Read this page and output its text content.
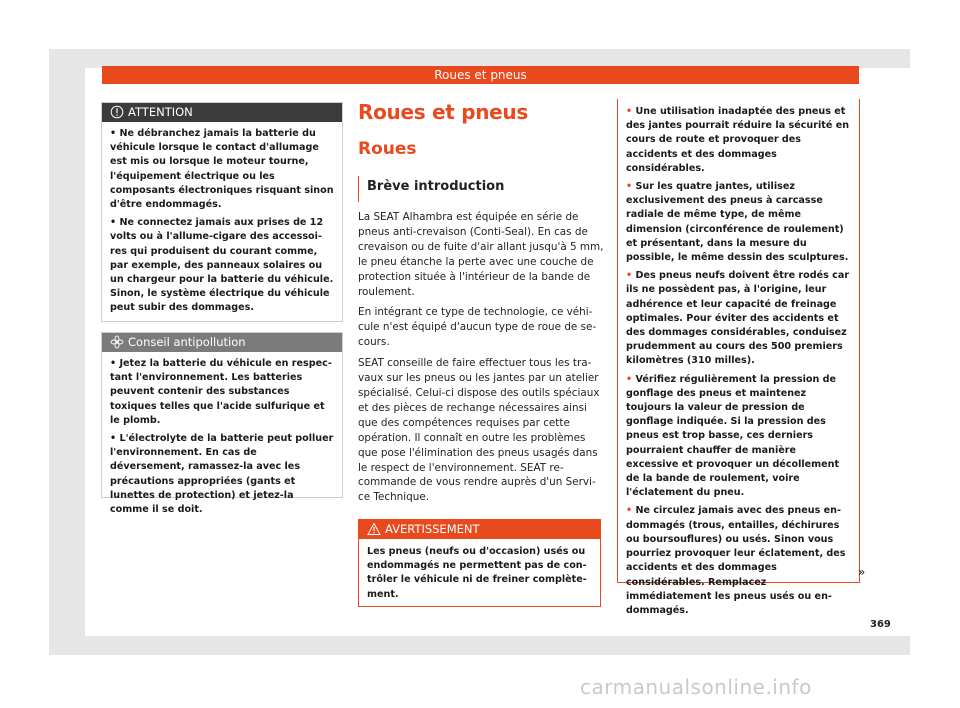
Roues et pneus
ATTENTION

• Ne débranchez jamais la batterie du véhicule lorsque le contact d'allumage est mis ou lorsque le moteur tourne, l'équipement électrique ou les composants électroniques risquant sinon d'être endommagés.

• Ne connectez jamais aux prises de 12 volts ou à l'allume-cigare des accessoires qui produisent du courant comme, par exemple, des panneaux solaires ou un chargeur pour la batterie du véhicule. Sinon, le système électrique du véhicule peut subir des dommages.

Conseil antipollution

• Jetez la batterie du véhicule en respectant l'environnement. Les batteries peuvent contenir des substances toxiques telles que l'acide sulfurique et le plomb.

• L'électrolyte de la batterie peut polluer l'environnement. En cas de déversement, ramassez-la avec les précautions appropriées (gants et lunettes de protection) et jetez-la comme il se doit.

Roues et pneus
Roues
Brève introduction

La SEAT Alhambra est équipée en série de pneus anti-crevaison (Conti-Seal). En cas de crevaison ou de fuite d'air allant jusqu'à 5 mm, le pneu étanche la perte avec une couche de protection située à l'intérieur de la bande de roulement.

En intégrant ce type de technologie, ce véhicule n'est équipé d'aucun type de roue de secours.

SEAT conseille de faire effectuer tous les travaux sur les pneus ou les jantes par un atelier spécialisé. Celui-ci dispose des outils spéciaux et des pièces de rechange nécessaires ainsi que des compétences requises par cette opération. Il connaît en outre les problèmes que pose l'élimination des pneus usagés dans le respect de l'environnement. SEAT recommande de vous rendre auprès d'un Service Technique.

AVERTISSEMENT

Les pneus (neufs ou d'occasion) usés ou endommagés ne permettent pas de contrôler le véhicule ni de freiner complètement.

• Une utilisation inadaptée des pneus et des jantes pourrait réduire la sécurité en cours de route et provoquer des accidents et des dommages considérables.

• Sur les quatre jantes, utilisez exclusivement des pneus à carcasse radiale de même type, de même dimension (circonférence de roulement) et présentant, dans la mesure du possible, le même dessin des sculptures.

• Des pneus neufs doivent être rodés car ils ne possèdent pas, à l'origine, leur adhérence et leur capacité de freinage optimales. Pour éviter des accidents et des dommages considérables, conduisez prudemment au cours des 500 premiers kilomètres (310 milles).

• Vérifiez régulièrement la pression de gonflage des pneus et maintenez toujours la valeur de pression de gonflage indiquée. Si la pression des pneus est trop basse, ces derniers pourraient chauffer de manière excessive et provoquer un décollement de la bande de roulement, voire l'éclatement du pneu.

• Ne circulez jamais avec des pneus endommagés (trous, entailles, déchirures ou boursouflures) ou usés. Sinon vous pourriez provoquer leur éclatement, des accidents et des dommages considérables. Remplacez immédiatement les pneus usés ou endommagés.

»
369
carmanualsonline.info
